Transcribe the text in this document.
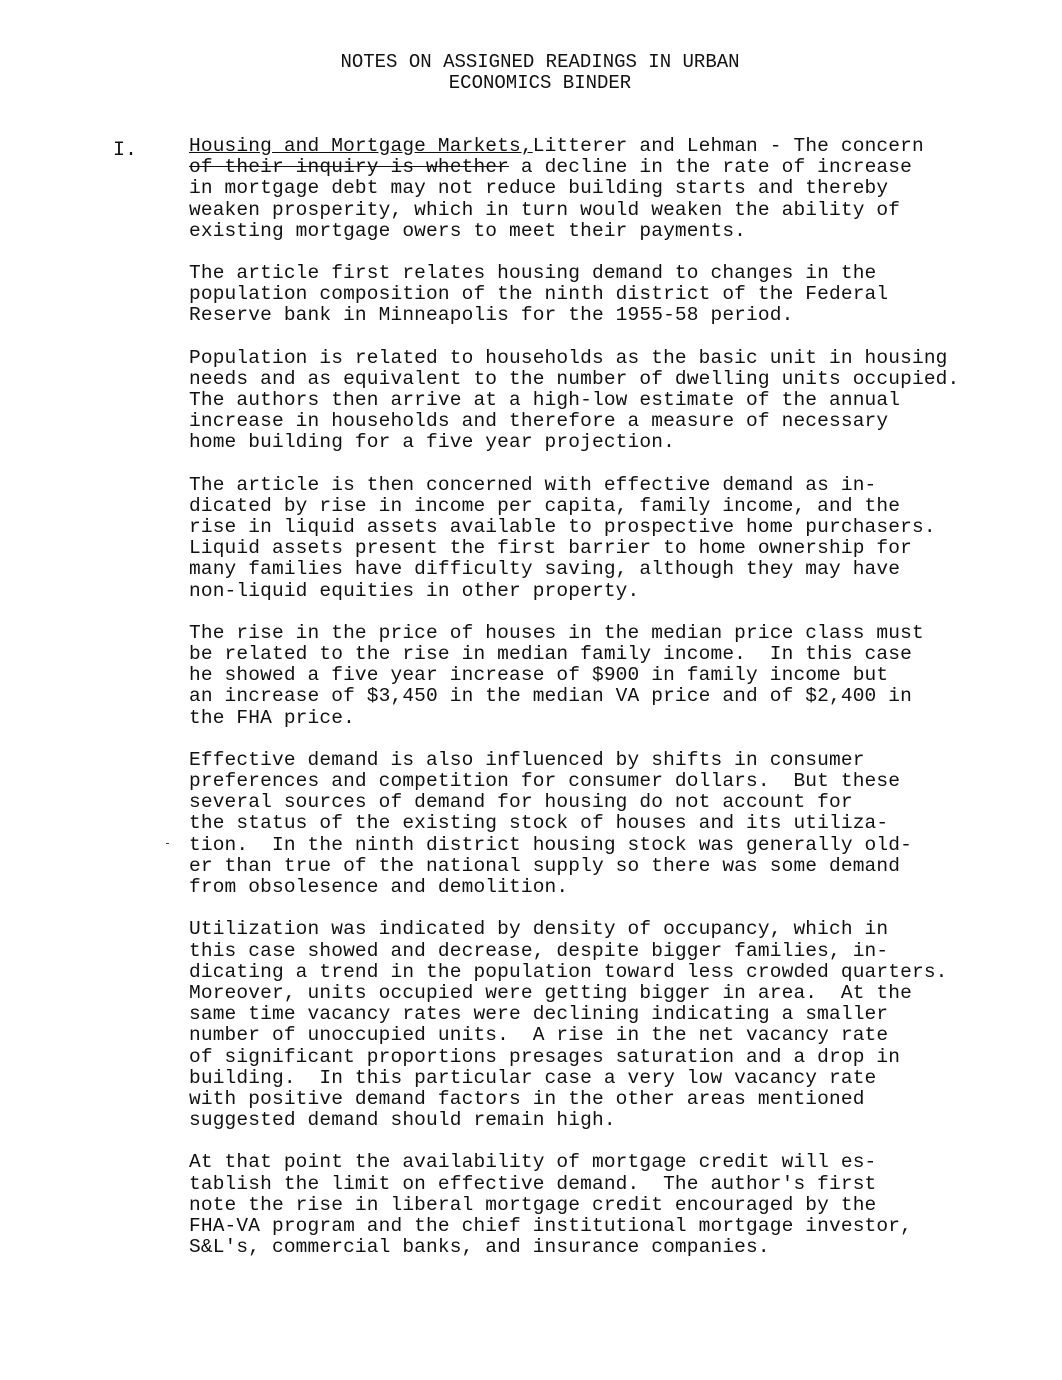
NOTES ON ASSIGNED READINGS IN URBAN
ECONOMICS BINDER
I.	Housing and Mortgage Markets,Litterer and Lehman - The concern
of their inquiry is whether a decline in the rate of increase
in mortgage debt may not reduce building starts and thereby
weaken prosperity, which in turn would weaken the ability of
existing mortgage owers to meet their payments.
The article first relates housing demand to changes in the
population composition of the ninth district of the Federal
Reserve bank in Minneapolis for the 1955-58 period.
Population is related to households as the basic unit in housing
needs and as equivalent to the number of dwelling units occupied.
The authors then arrive at a high-low estimate of the annual
increase in households and therefore a measure of necessary
home building for a five year projection.
The article is then concerned with effective demand as in-
dicated by rise in income per capita, family income, and the
rise in liquid assets available to prospective home purchasers.
Liquid assets present the first barrier to home ownership for
many families have difficulty saving, although they may have
non-liquid equities in other property.
The rise in the price of houses in the median price class must
be related to the rise in median family income.  In this case
he showed a five year increase of $900 in family income but
an increase of $3,450 in the median VA price and of $2,400 in
the FHA price.
Effective demand is also influenced by shifts in consumer
preferences and competition for consumer dollars.  But these
several sources of demand for housing do not account for
the status of the existing stock of houses and its utiliza-
tion.  In the ninth district housing stock was generally old-
er than true of the national supply so there was some demand
from obsolesence and demolition.
Utilization was indicated by density of occupancy, which in
this case showed and decrease, despite bigger families, in-
dicating a trend in the population toward less crowded quarters.
Moreover, units occupied were getting bigger in area.  At the
same time vacancy rates were declining indicating a smaller
number of unoccupied units.  A rise in the net vacancy rate
of significant proportions presages saturation and a drop in
building.  In this particular case a very low vacancy rate
with positive demand factors in the other areas mentioned
suggested demand should remain high.
At that point the availability of mortgage credit will es-
tablish the limit on effective demand.  The author's first
note the rise in liberal mortgage credit encouraged by the
FHA-VA program and the chief institutional mortgage investor,
S&L's, commercial banks, and insurance companies.
